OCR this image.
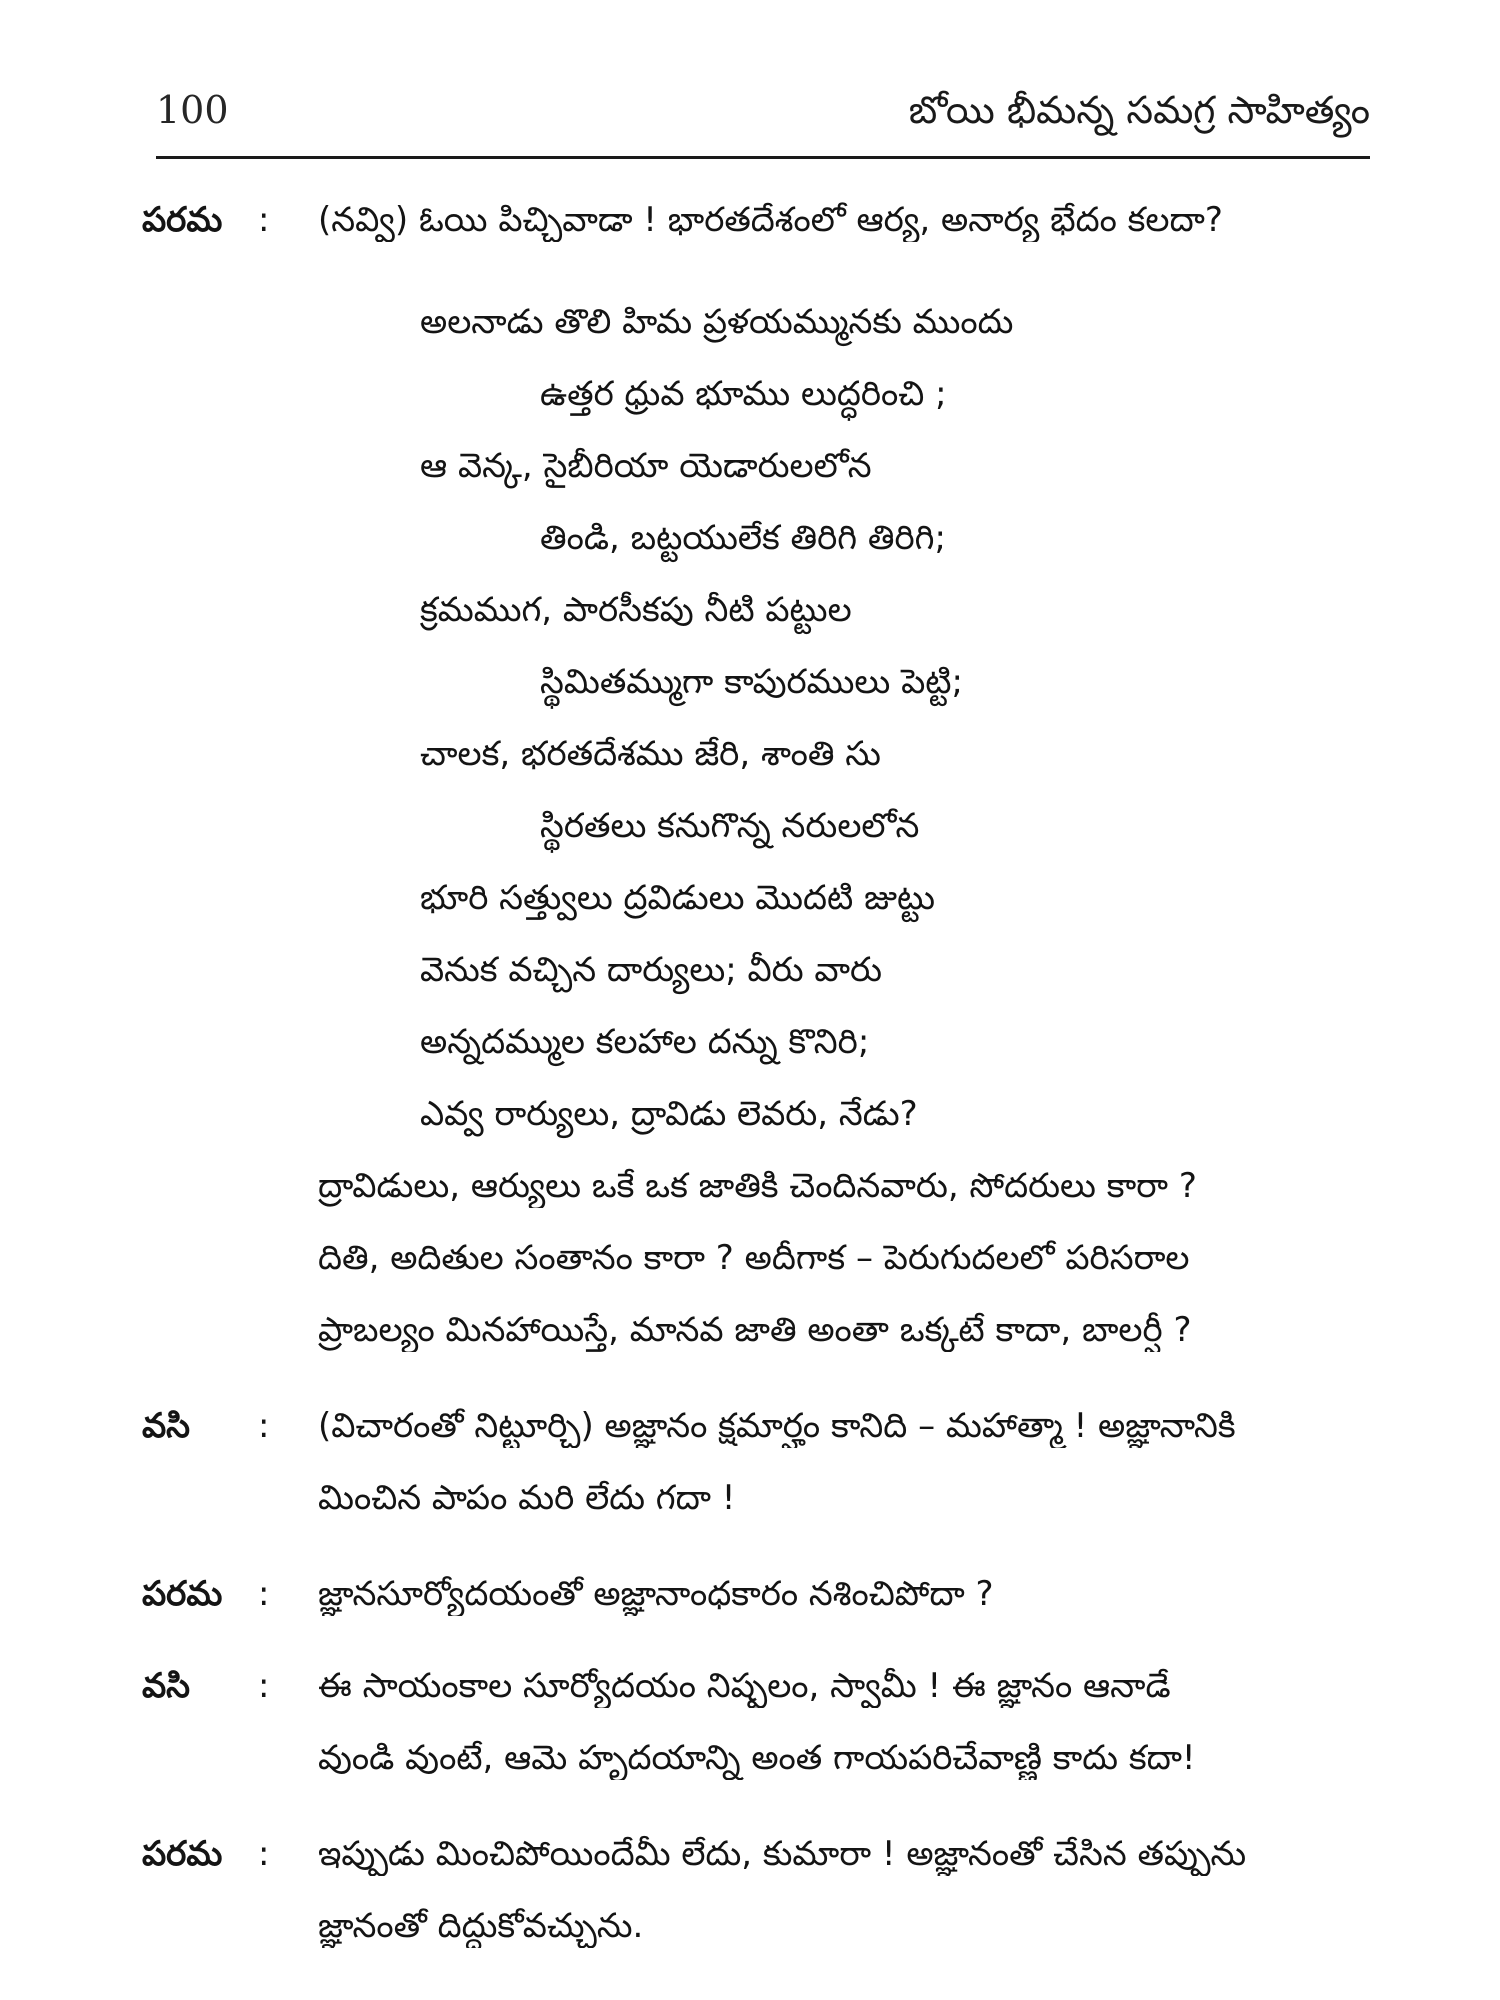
100	బోయి భీమన్న సమగ్ర సాహిత్యం
పరమ : (నవ్వి) ఓయి పిచ్చివాడా ! భారతదేశంలో ఆర్య, అనార్య భేదం కలదా?
అలనాడు తొలి హిమ ప్రళయమ్మునకు ముందు
ఉత్తర ధ్రువ భూము లుద్ధరించి ;
ఆ వెన్క, సైబీరియా యెడారులలోన
తిండి, బట్టయులేక తిరిగి తిరిగి;
క్రమముగ, పారసీకపు నీటి పట్టుల
స్థిమితమ్ముగా కాపురములు పెట్టి;
చాలక, భరతదేశము జేరి, శాంతి సు
స్థిరతలు కనుగొన్న నరులలోన
భూరి సత్త్వులు ద్రవిడులు మొదటి జుట్టు
వెనుక వచ్చిన దార్యులు; వీరు వారు
అన్నదమ్ముల కలహాల దన్ను కొనిరి;
ఎవ్వ రార్యులు, ద్రావిడు లెవరు, నేడు?
ద్రావిడులు, ఆర్యులు ఒకే ఒక జాతికి చెందినవారు, సోదరులు కారా ?
దితి, అదితుల సంతానం కారా ? అదీగాక – పెరుగుదలలో పరిసరాల
ప్రాబల్యం మినహాయిస్తే, మానవ జాతి అంతా ఒక్కటే కాదా, బాలర్షీ ?
వసి : (విచారంతో నిట్టూర్చి) అజ్ఞానం క్షమార్హం కానిది – మహాత్మా ! అజ్ఞానానికి
మించిన పాపం మరి లేదు గదా !
పరమ : జ్ఞానసూర్యోదయంతో అజ్ఞానాంధకారం నశించిపోదా ?
వసి : ఈ సాయంకాల సూర్యోదయం నిష్ఫలం, స్వామీ ! ఈ జ్ఞానం ఆనాడే
వుండి వుంటే, ఆమె హృదయాన్ని అంత గాయపరిచేవాణ్ణి కాదు కదా!
పరమ : ఇప్పుడు మించిపోయిందేమీ లేదు, కుమారా ! అజ్ఞానంతో చేసిన తప్పును
జ్ఞానంతో దిద్దుకోవచ్చును.
